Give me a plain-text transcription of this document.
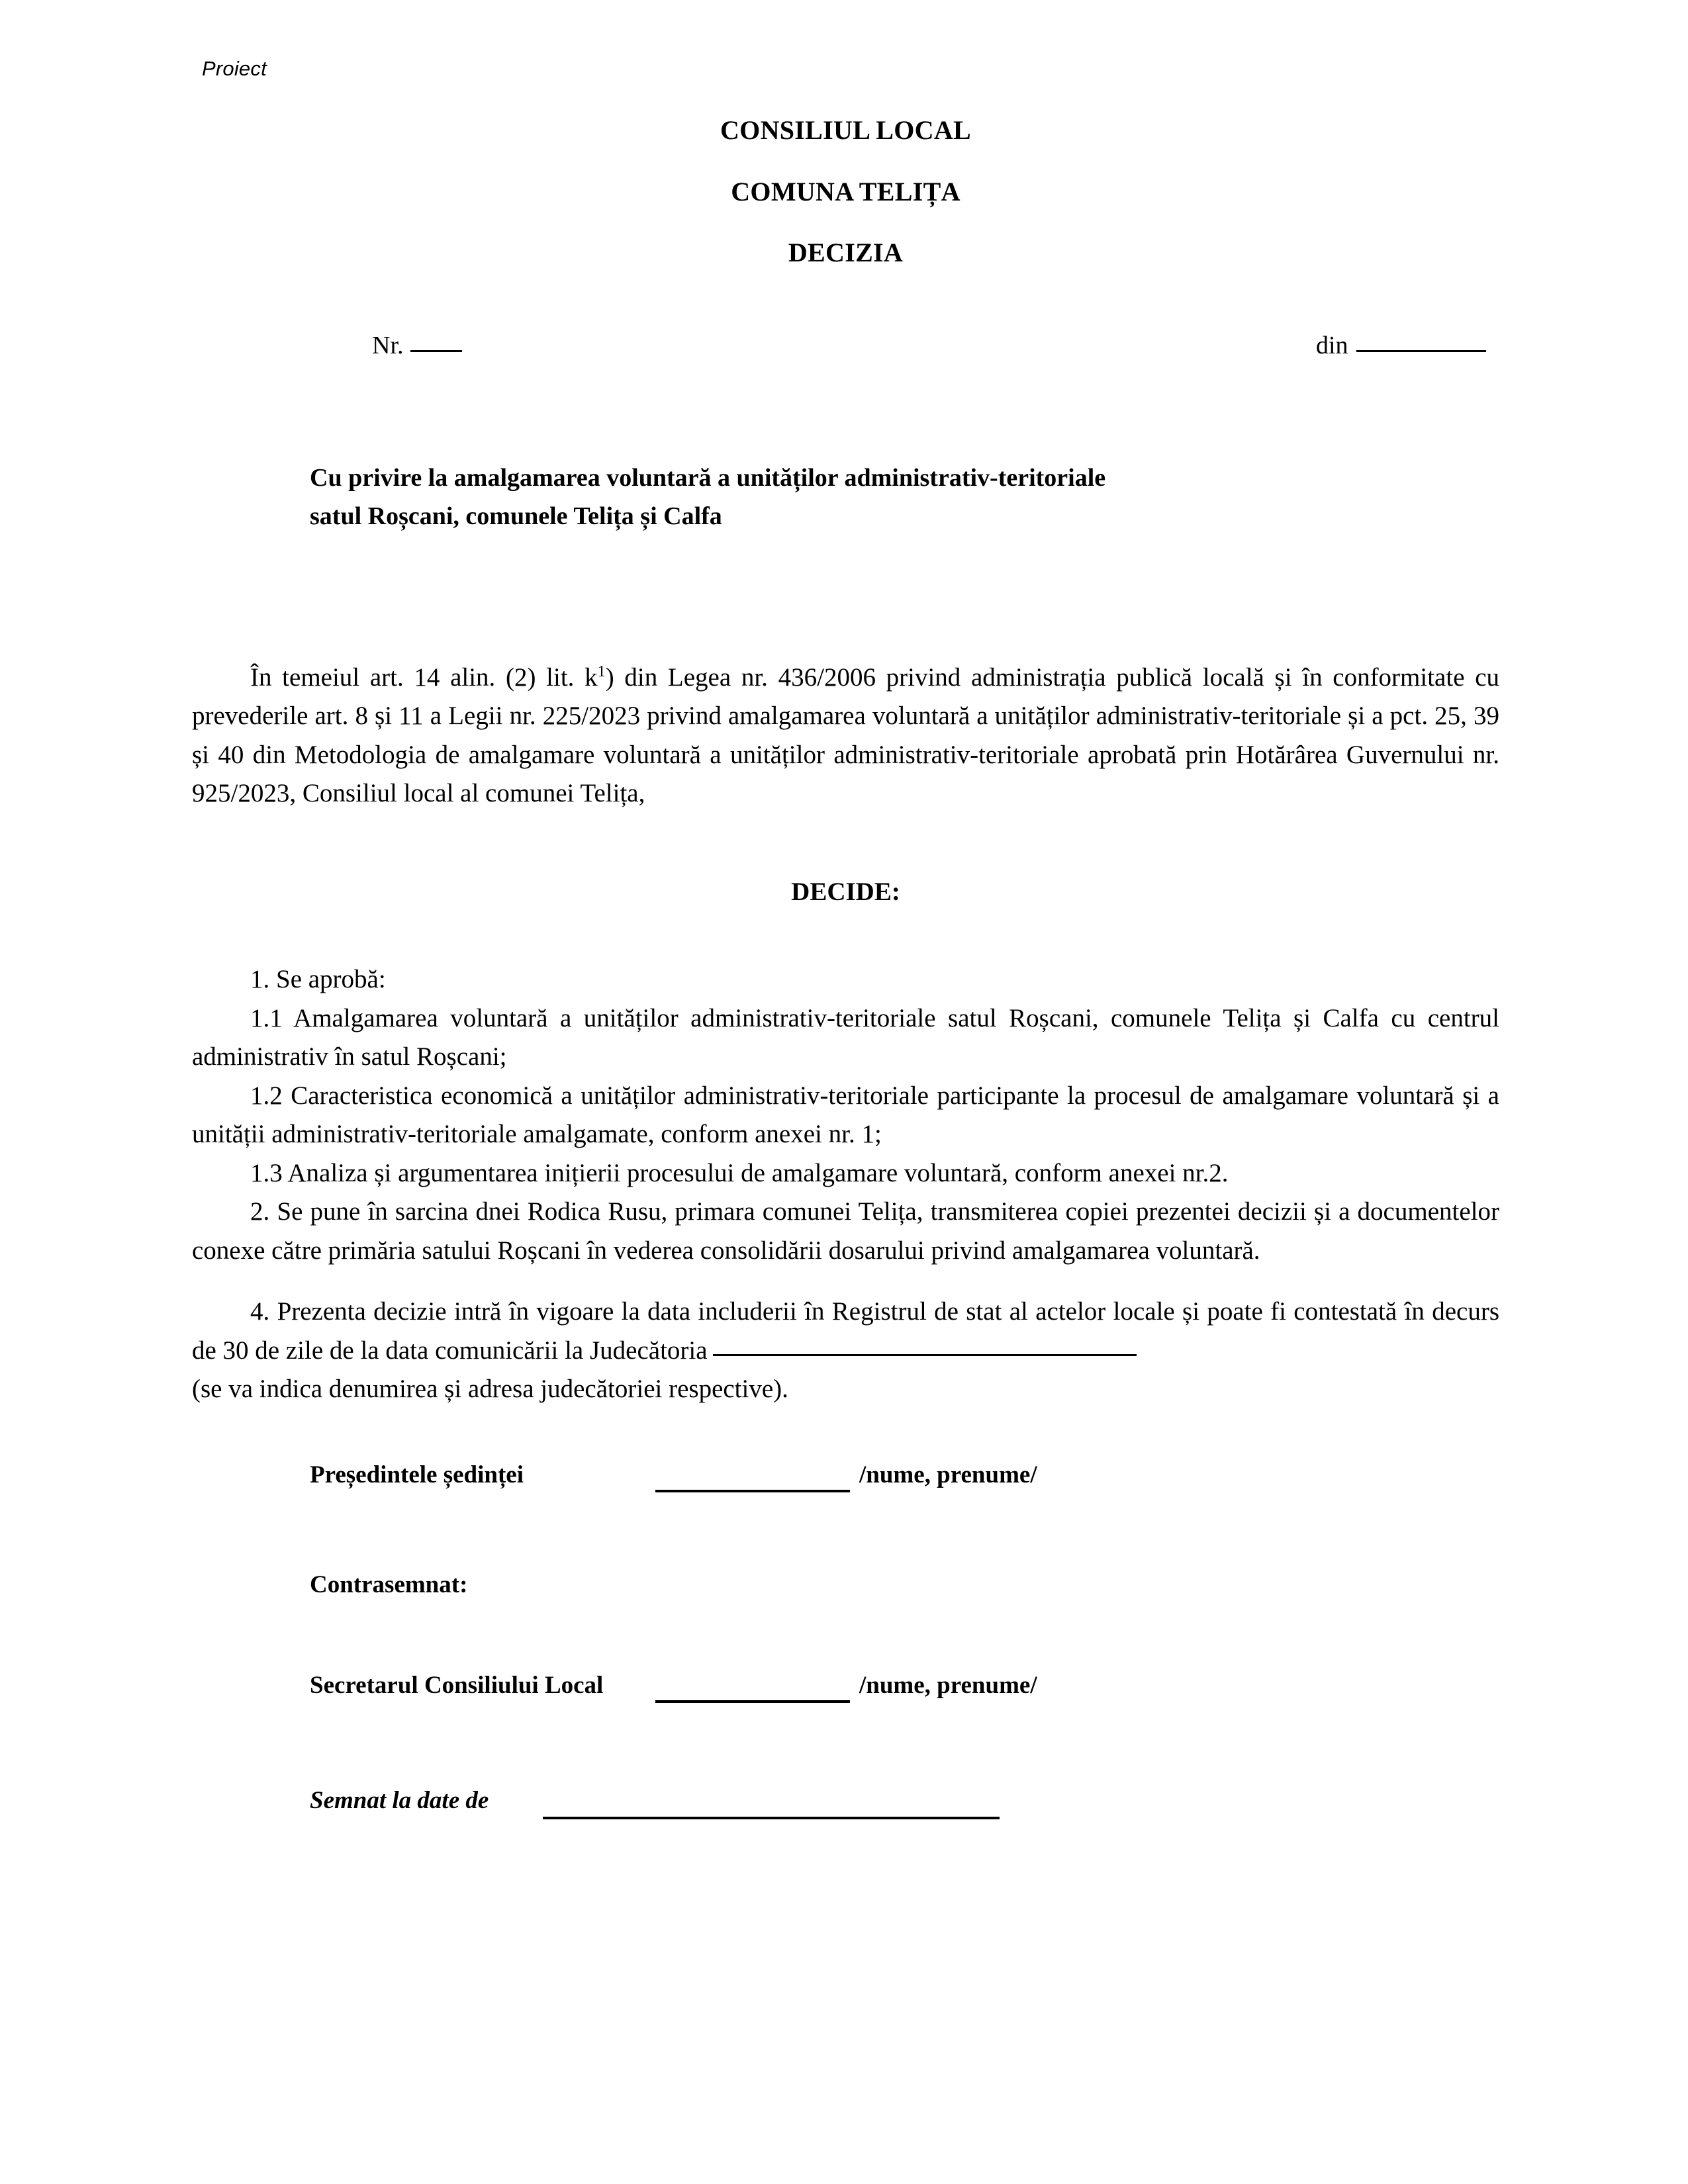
Proiect
CONSILIUL LOCAL
COMUNA TELIȚA
DECIZIA

Nr.
	din

Cu privire la amalgamarea voluntară a unităților administrativ-teritoriale
satul Roșcani, comunele Telița și Calfa

În temeiul art. 14 alin. (2) lit. $k^1$) din Legea nr. 436/2006 privind administrația publică locală și în conformitate cu prevederile art. 8 și 11 a Legii nr. 225/2023 privind amalgamarea voluntară a unităților administrativ-teritoriale și a pct. 25, 39 și 40 din Metodologia de amalgamare voluntară a unităților administrativ-teritoriale aprobată prin Hotărârea Guvernului nr. 925/2023, Consiliul local al comunei Telița,

DECIDE:

1. Se aprobă:

1.1 Amalgamarea voluntară a unităților administrativ-teritoriale satul Roșcani, comunele Telița și Calfa cu centrul administrativ în satul Roșcani;

1.2 Caracteristica economică a unităților administrativ-teritoriale participante la procesul de amalgamare voluntară și a unității administrativ-teritoriale amalgamate, conform anexei nr. 1;

1.3 Analiza și argumentarea inițierii procesului de amalgamare voluntară, conform anexei nr.2.

2. Se pune în sarcina dnei Rodica Rusu, primara comunei Telița, transmiterea copiei prezentei decizii și a documentelor conexe către primăria satului Roșcani în vederea consolidării dosarului privind amalgamarea voluntară.

4. Prezenta decizie intră în vigoare la data includerii în Registrul de stat al actelor locale și poate fi contestată în decurs de 30 de zile de la data comunicării la Judecătoria

(se va indica denumirea și adresa judecătoriei respective).

Președintele ședinței	/nume, prenume/
Contrasemnat:
Secretarul Consiliului Local	/nume, prenume/
Semnat la date de
